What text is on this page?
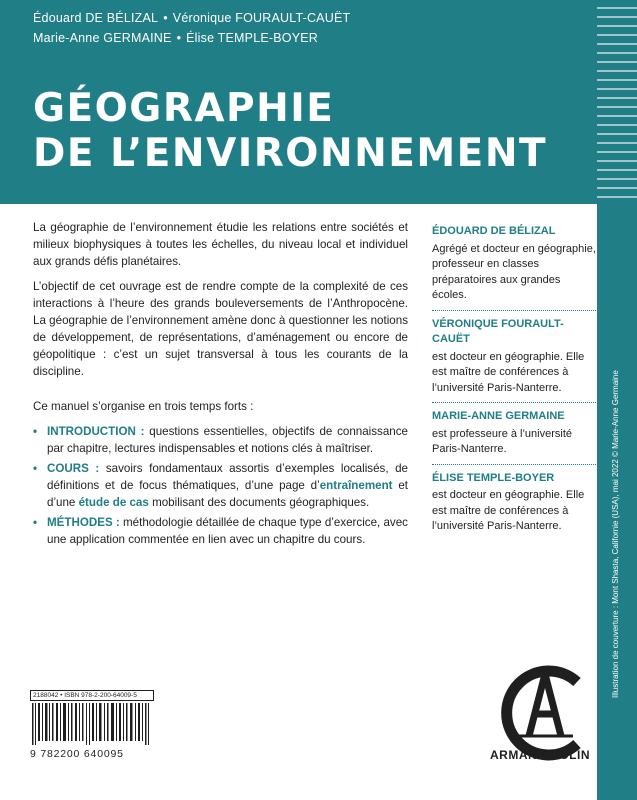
Édouard DE BÉLIZAL • Véronique FOURAULT-CAUËT
Marie-Anne GERMAINE • Élise TEMPLE-BOYER
GÉOGRAPHIE
DE L’ENVIRONNEMENT
Illustration de couverture : Mont Shasta, Californie (USA), mai 2022 © Marie-Anne Germaine

La géographie de l’environnement étudie les relations entre sociétés et milieux biophysiques à toutes les échelles, du niveau local et individuel aux grands défis planétaires.

L’objectif de cet ouvrage est de rendre compte de la complexité de ces interactions à l’heure des grands bouleversements de l’Anthropocène. La géographie de l’environnement amène donc à questionner les notions de développement, de représentations, d’aménagement ou encore de géopolitique : c’est un sujet transversal à tous les courants de la discipline.

Ce manuel s’organise en trois temps forts :

• INTRODUCTION : questions essentielles, objectifs de connaissance par chapitre, lectures indispensables et notions clés à maîtriser.
• COURS : savoirs fondamentaux assortis d’exemples localisés, de définitions et de focus thématiques, d’une page d’entraînement et d’une étude de cas mobilisant des documents géographiques.
• MÉTHODES : méthodologie détaillée de chaque type d’exercice, avec une application commentée en lien avec un chapitre du cours.
ÉDOUARD DE BÉLIZAL
Agrégé et docteur en géographie, professeur en classes préparatoires aux grandes écoles.
VÉRONIQUE FOURAULT-CAUËT
est docteur en géographie. Elle est maître de conférences à l’université Paris-Nanterre.
MARIE-ANNE GERMAINE
est professeure à l’université Paris-Nanterre.
ÉLISE TEMPLE-BOYER
est docteur en géographie. Elle est maître de conférences à l’université Paris-Nanterre.
2188042 • ISBN 978-2-200-64009-5
9 782200 640095	ARMAND COLIN
